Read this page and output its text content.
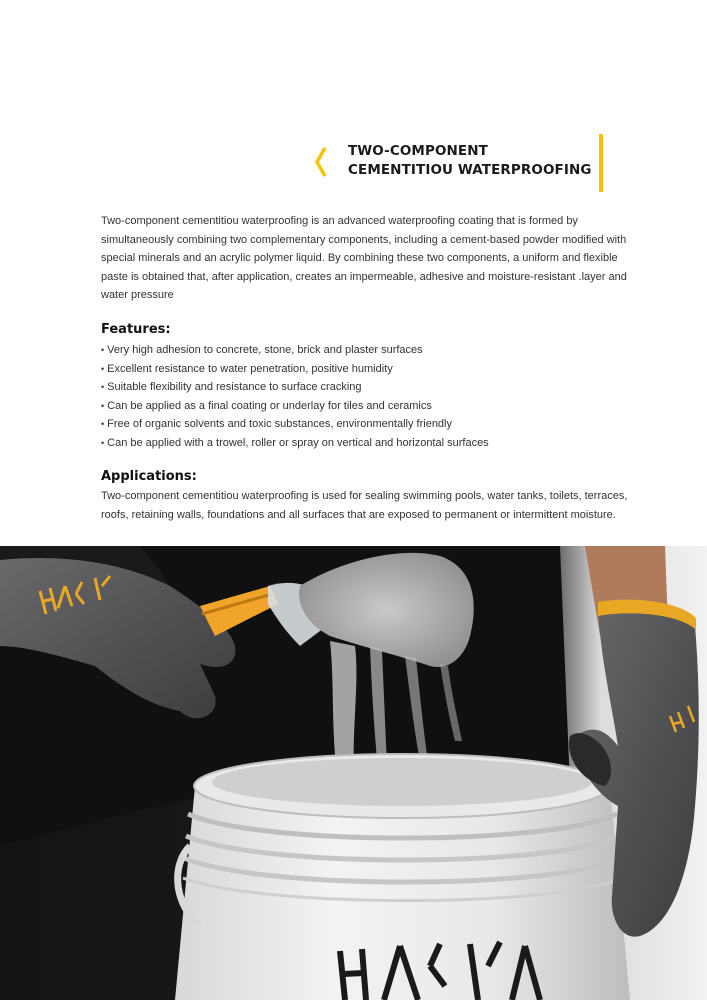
TWO-COMPONENT
CEMENTITIOU WATERPROOFING

Two-component cementitiou waterproofing is an advanced waterproofing coating that is formed by simultaneously combining two complementary components, including a cement-based powder modified with special minerals and an acrylic polymer liquid. By combining these two components, a uniform and flexible paste is obtained that, after application, creates an impermeable, adhesive and moisture-resistant .layer and water pressure

Features:
• Very high adhesion to concrete, stone, brick and plaster surfaces
• Excellent resistance to water penetration, positive humidity
• Suitable flexibility and resistance to surface cracking
• Can be applied as a final coating or underlay for tiles and ceramics
• Free of organic solvents and toxic substances, environmentally friendly
• Can be applied with a trowel, roller or spray on vertical and horizontal surfaces
Applications:

Two-component cementitiou waterproofing is used for sealing swimming pools, water tanks, toilets, terraces, roofs, retaining walls, foundations and all surfaces that are exposed to permanent or intermittent moisture.
